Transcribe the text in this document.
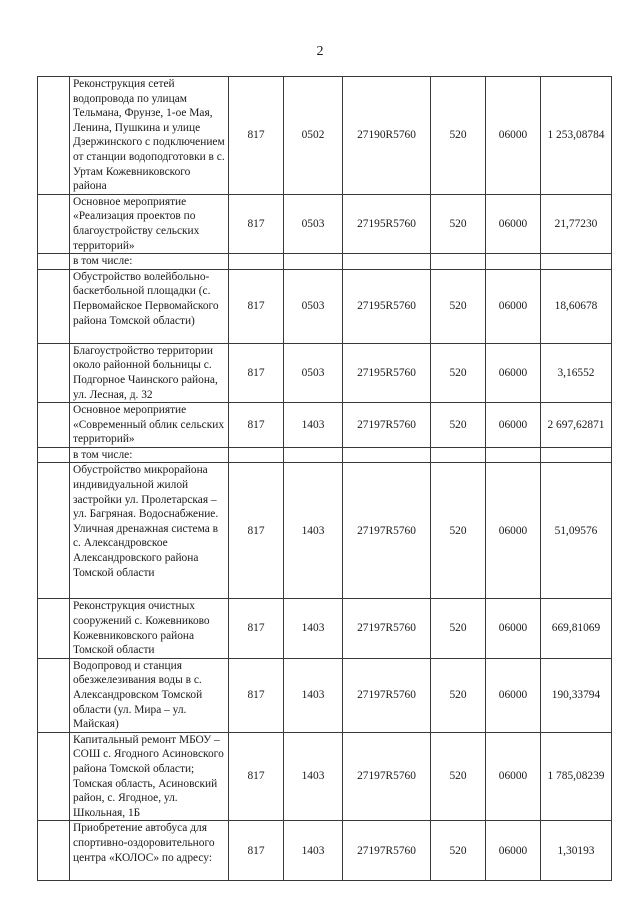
2
	Реконструкция сетей водопровода по улицам Тельмана, Фрунзе, 1-ое Мая, Ленина, Пушкина и улице Дзержинского с подключением от станции водоподготовки в с. Уртам Кожевниковского района	817	0502	27190R5760	520	06000	1 253,08784
	Основное мероприятие «Реализация проектов по благоустройству сельских территорий»	817	0503	27195R5760	520	06000	21,77230
	в том числе:						
	Обустройство волейбольно-баскетбольной площадки (с. Первомайское Первомайского района Томской области)	817	0503	27195R5760	520	06000	18,60678
	Благоустройство территории около районной больницы с. Подгорное Чаинского района, ул. Лесная, д. 32	817	0503	27195R5760	520	06000	3,16552
	Основное мероприятие «Современный облик сельских территорий»	817	1403	27197R5760	520	06000	2 697,62871
	в том числе:						
	Обустройство микрорайона индивидуальной жилой застройки ул. Пролетарская – ул. Багряная. Водоснабжение. Уличная дренажная система в с. Александровское Александровского района Томской области	817	1403	27197R5760	520	06000	51,09576
	Реконструкция очистных сооружений с. Кожевниково Кожевниковского района Томской области	817	1403	27197R5760	520	06000	669,81069
	Водопровод и станция обезжелезивания воды в с. Александровском Томской области (ул. Мира – ул. Майская)	817	1403	27197R5760	520	06000	190,33794
	Капитальный ремонт МБОУ – СОШ с. Ягодного Асиновского района Томской области; Томская область, Асиновский район, с. Ягодное, ул. Школьная, 1Б	817	1403	27197R5760	520	06000	1 785,08239
	Приобретение автобуса для спортивно-оздоровительного центра «КОЛОС» по адресу:	817	1403	27197R5760	520	06000	1,30193
